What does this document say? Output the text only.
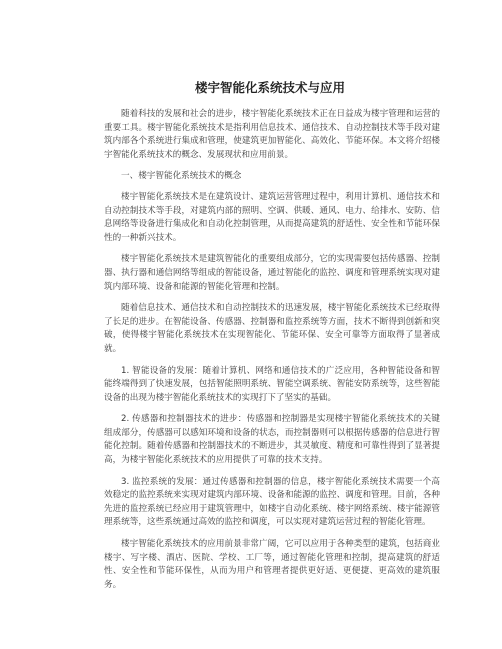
楼宇智能化系统技术与应用

随着科技的发展和社会的进步，楼宇智能化系统技术正在日益成为楼宇管理和运营的重要工具。楼宇智能化系统技术是指利用信息技术、通信技术、自动控制技术等手段对建筑内部各个系统进行集成和管理，使建筑更加智能化、高效化、节能环保。本文将介绍楼宇智能化系统技术的概念、发展现状和应用前景。

一、楼宇智能化系统技术的概念

楼宇智能化系统技术是在建筑设计、建筑运营管理过程中，利用计算机、通信技术和自动控制技术等手段，对建筑内部的照明、空调、供暖、通风、电力、给排水、安防、信息网络等设备进行集成化和自动化控制管理，从而提高建筑的舒适性、安全性和节能环保性的一种新兴技术。

楼宇智能化系统技术是建筑智能化的重要组成部分，它的实现需要包括传感器、控制器、执行器和通信网络等组成的智能设备，通过智能化的监控、调度和管理系统实现对建筑内部环境、设备和能源的智能化管理和控制。

随着信息技术、通信技术和自动控制技术的迅速发展，楼宇智能化系统技术已经取得了长足的进步。在智能设备、传感器、控制器和监控系统等方面，技术不断得到创新和突破，使得楼宇智能化系统技术在实现智能化、节能环保、安全可靠等方面取得了显著成就。

1. 智能设备的发展：随着计算机、网络和通信技术的广泛应用，各种智能设备和智能终端得到了快速发展，包括智能照明系统、智能空调系统、智能安防系统等，这些智能设备的出现为楼宇智能化系统技术的实现打下了坚实的基础。

2. 传感器和控制器技术的进步：传感器和控制器是实现楼宇智能化系统技术的关键组成部分，传感器可以感知环境和设备的状态，而控制器则可以根据传感器的信息进行智能化控制。随着传感器和控制器技术的不断进步，其灵敏度、精度和可靠性得到了显著提高，为楼宇智能化系统技术的应用提供了可靠的技术支持。

3. 监控系统的发展：通过传感器和控制器的信息，楼宇智能化系统技术需要一个高效稳定的监控系统来实现对建筑内部环境、设备和能源的监控、调度和管理。目前，各种先进的监控系统已经应用于建筑管理中，如楼宇自动化系统、楼宇网络系统、楼宇能源管理系统等，这些系统通过高效的监控和调度，可以实现对建筑运营过程的智能化管理。

楼宇智能化系统技术的应用前景非常广阔，它可以应用于各种类型的建筑，包括商业楼宇、写字楼、酒店、医院、学校、工厂等，通过智能化管理和控制，提高建筑的舒适性、安全性和节能环保性，从而为用户和管理者提供更好适、更便捷、更高效的建筑服务。
